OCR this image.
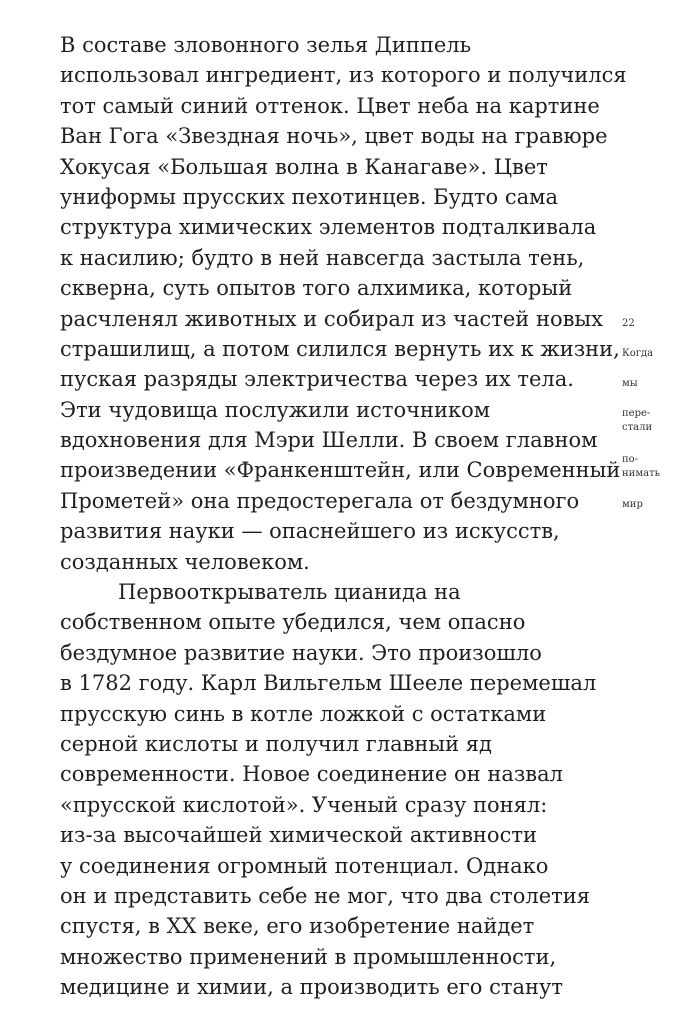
В составе зловонного зелья Диппель
использовал ингредиент, из которого и получился
тот самый синий оттенок. Цвет неба на картине
Ван Гога «Звездная ночь», цвет воды на гравюре
Хокусая «Большая волна в Канагаве». Цвет
униформы прусских пехотинцев. Будто сама
структура химических элементов подталкивала
к насилию; будто в ней навсегда застыла тень,
скверна, суть опытов того алхимика, который
расчленял животных и собирал из частей новых
страшилищ, а потом силился вернуть их к жизни,
пуская разряды электричества через их тела.
Эти чудовища послужили источником
вдохновения для Мэри Шелли. В своем главном
произведении «Франкенштейн, или Современный
Прометей» она предостерегала от бездумного
развития науки — опаснейшего из искусств,
созданных человеком.
Первооткрыватель цианида на
собственном опыте убедился, чем опасно
бездумное развитие науки. Это произошло
в 1782 году. Карл Вильгельм Шееле перемешал
прусскую синь в котле ложкой с остатками
серной кислоты и получил главный яд
современности. Новое соединение он назвал
«прусской кислотой». Ученый сразу понял:
из-за высочайшей химической активности
у соединения огромный потенциал. Однако
он и представить себе не мог, что два столетия
спустя, в XX веке, его изобретение найдет
множество применений в промышленности,
медицине и химии, а производить его станут
22
Когда
мы
пере-
стали
по-
нимать
мир
